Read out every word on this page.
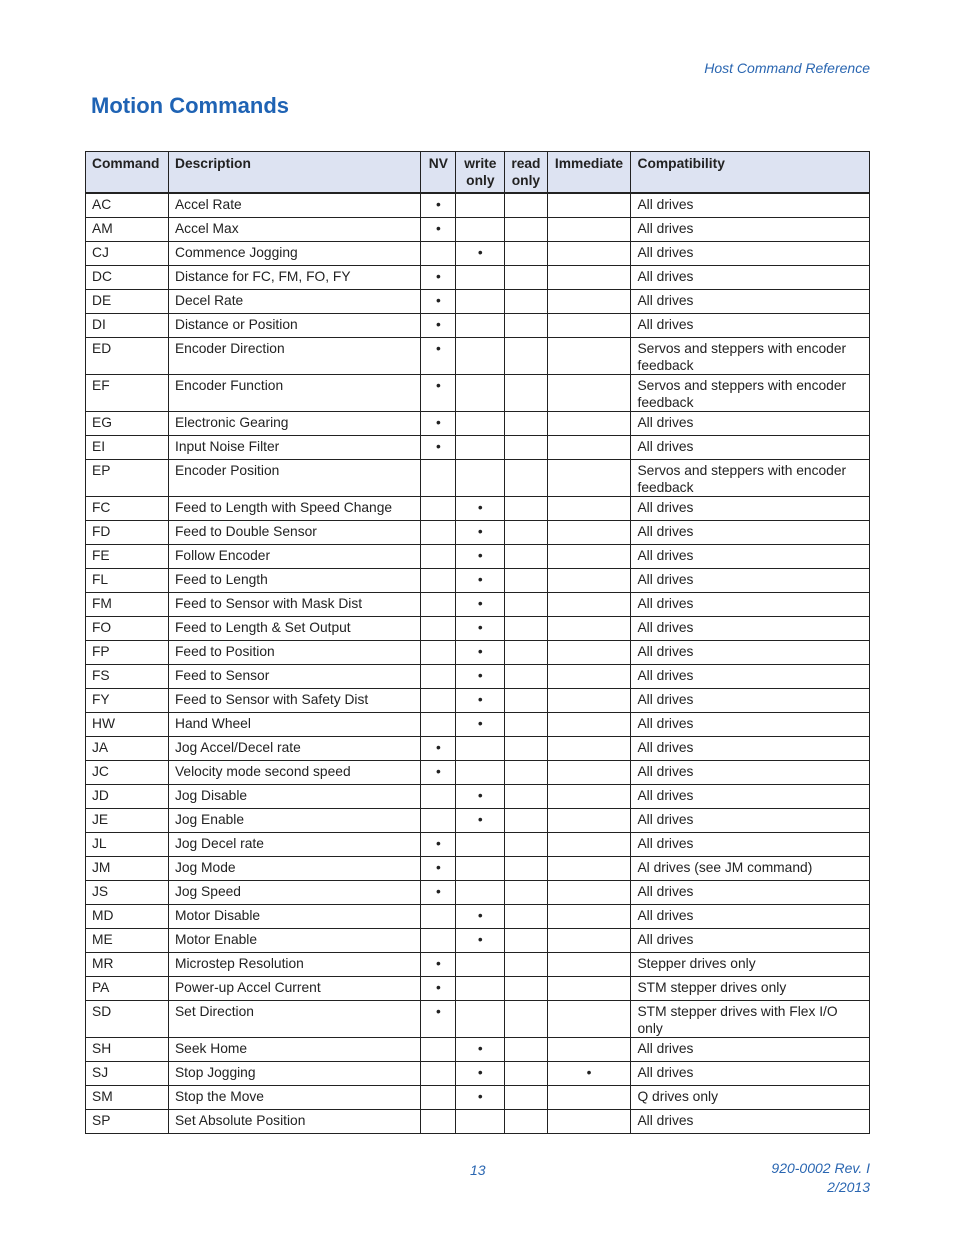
Host Command Reference
Motion Commands
Command	Description	NV	write only	read only	Immediate	Compatibility
AC	Accel Rate	•				All drives
AM	Accel Max	•				All drives
CJ	Commence Jogging		•			All drives
DC	Distance for FC, FM, FO, FY	•				All drives
DE	Decel Rate	•				All drives
DI	Distance or Position	•				All drives
ED	Encoder Direction	•				Servos and steppers with encoder feedback
EF	Encoder Function	•				Servos and steppers with encoder feedback
EG	Electronic Gearing	•				All drives
EI	Input Noise Filter	•				All drives
EP	Encoder Position					Servos and steppers with encoder feedback
FC	Feed to Length with Speed Change		•			All drives
FD	Feed to Double Sensor		•			All drives
FE	Follow Encoder		•			All drives
FL	Feed to Length		•			All drives
FM	Feed to Sensor with Mask Dist		•			All drives
FO	Feed to Length & Set Output		•			All drives
FP	Feed to Position		•			All drives
FS	Feed to Sensor		•			All drives
FY	Feed to Sensor with Safety Dist		•			All drives
HW	Hand Wheel		•			All drives
JA	Jog Accel/Decel rate	•				All drives
JC	Velocity mode second speed	•				All drives
JD	Jog Disable		•			All drives
JE	Jog Enable		•			All drives
JL	Jog Decel rate	•				All drives
JM	Jog Mode	•				Al drives (see JM command)
JS	Jog Speed	•				All drives
MD	Motor Disable		•			All drives
ME	Motor Enable		•			All drives
MR	Microstep Resolution	•				Stepper drives only
PA	Power-up Accel Current	•				STM stepper drives only
SD	Set Direction	•				STM stepper drives with Flex I/O only
SH	Seek Home		•			All drives
SJ	Stop Jogging		•		•	All drives
SM	Stop the Move		•			Q drives only
SP	Set Absolute Position					All drives
13	920-0002 Rev. I
2/2013
